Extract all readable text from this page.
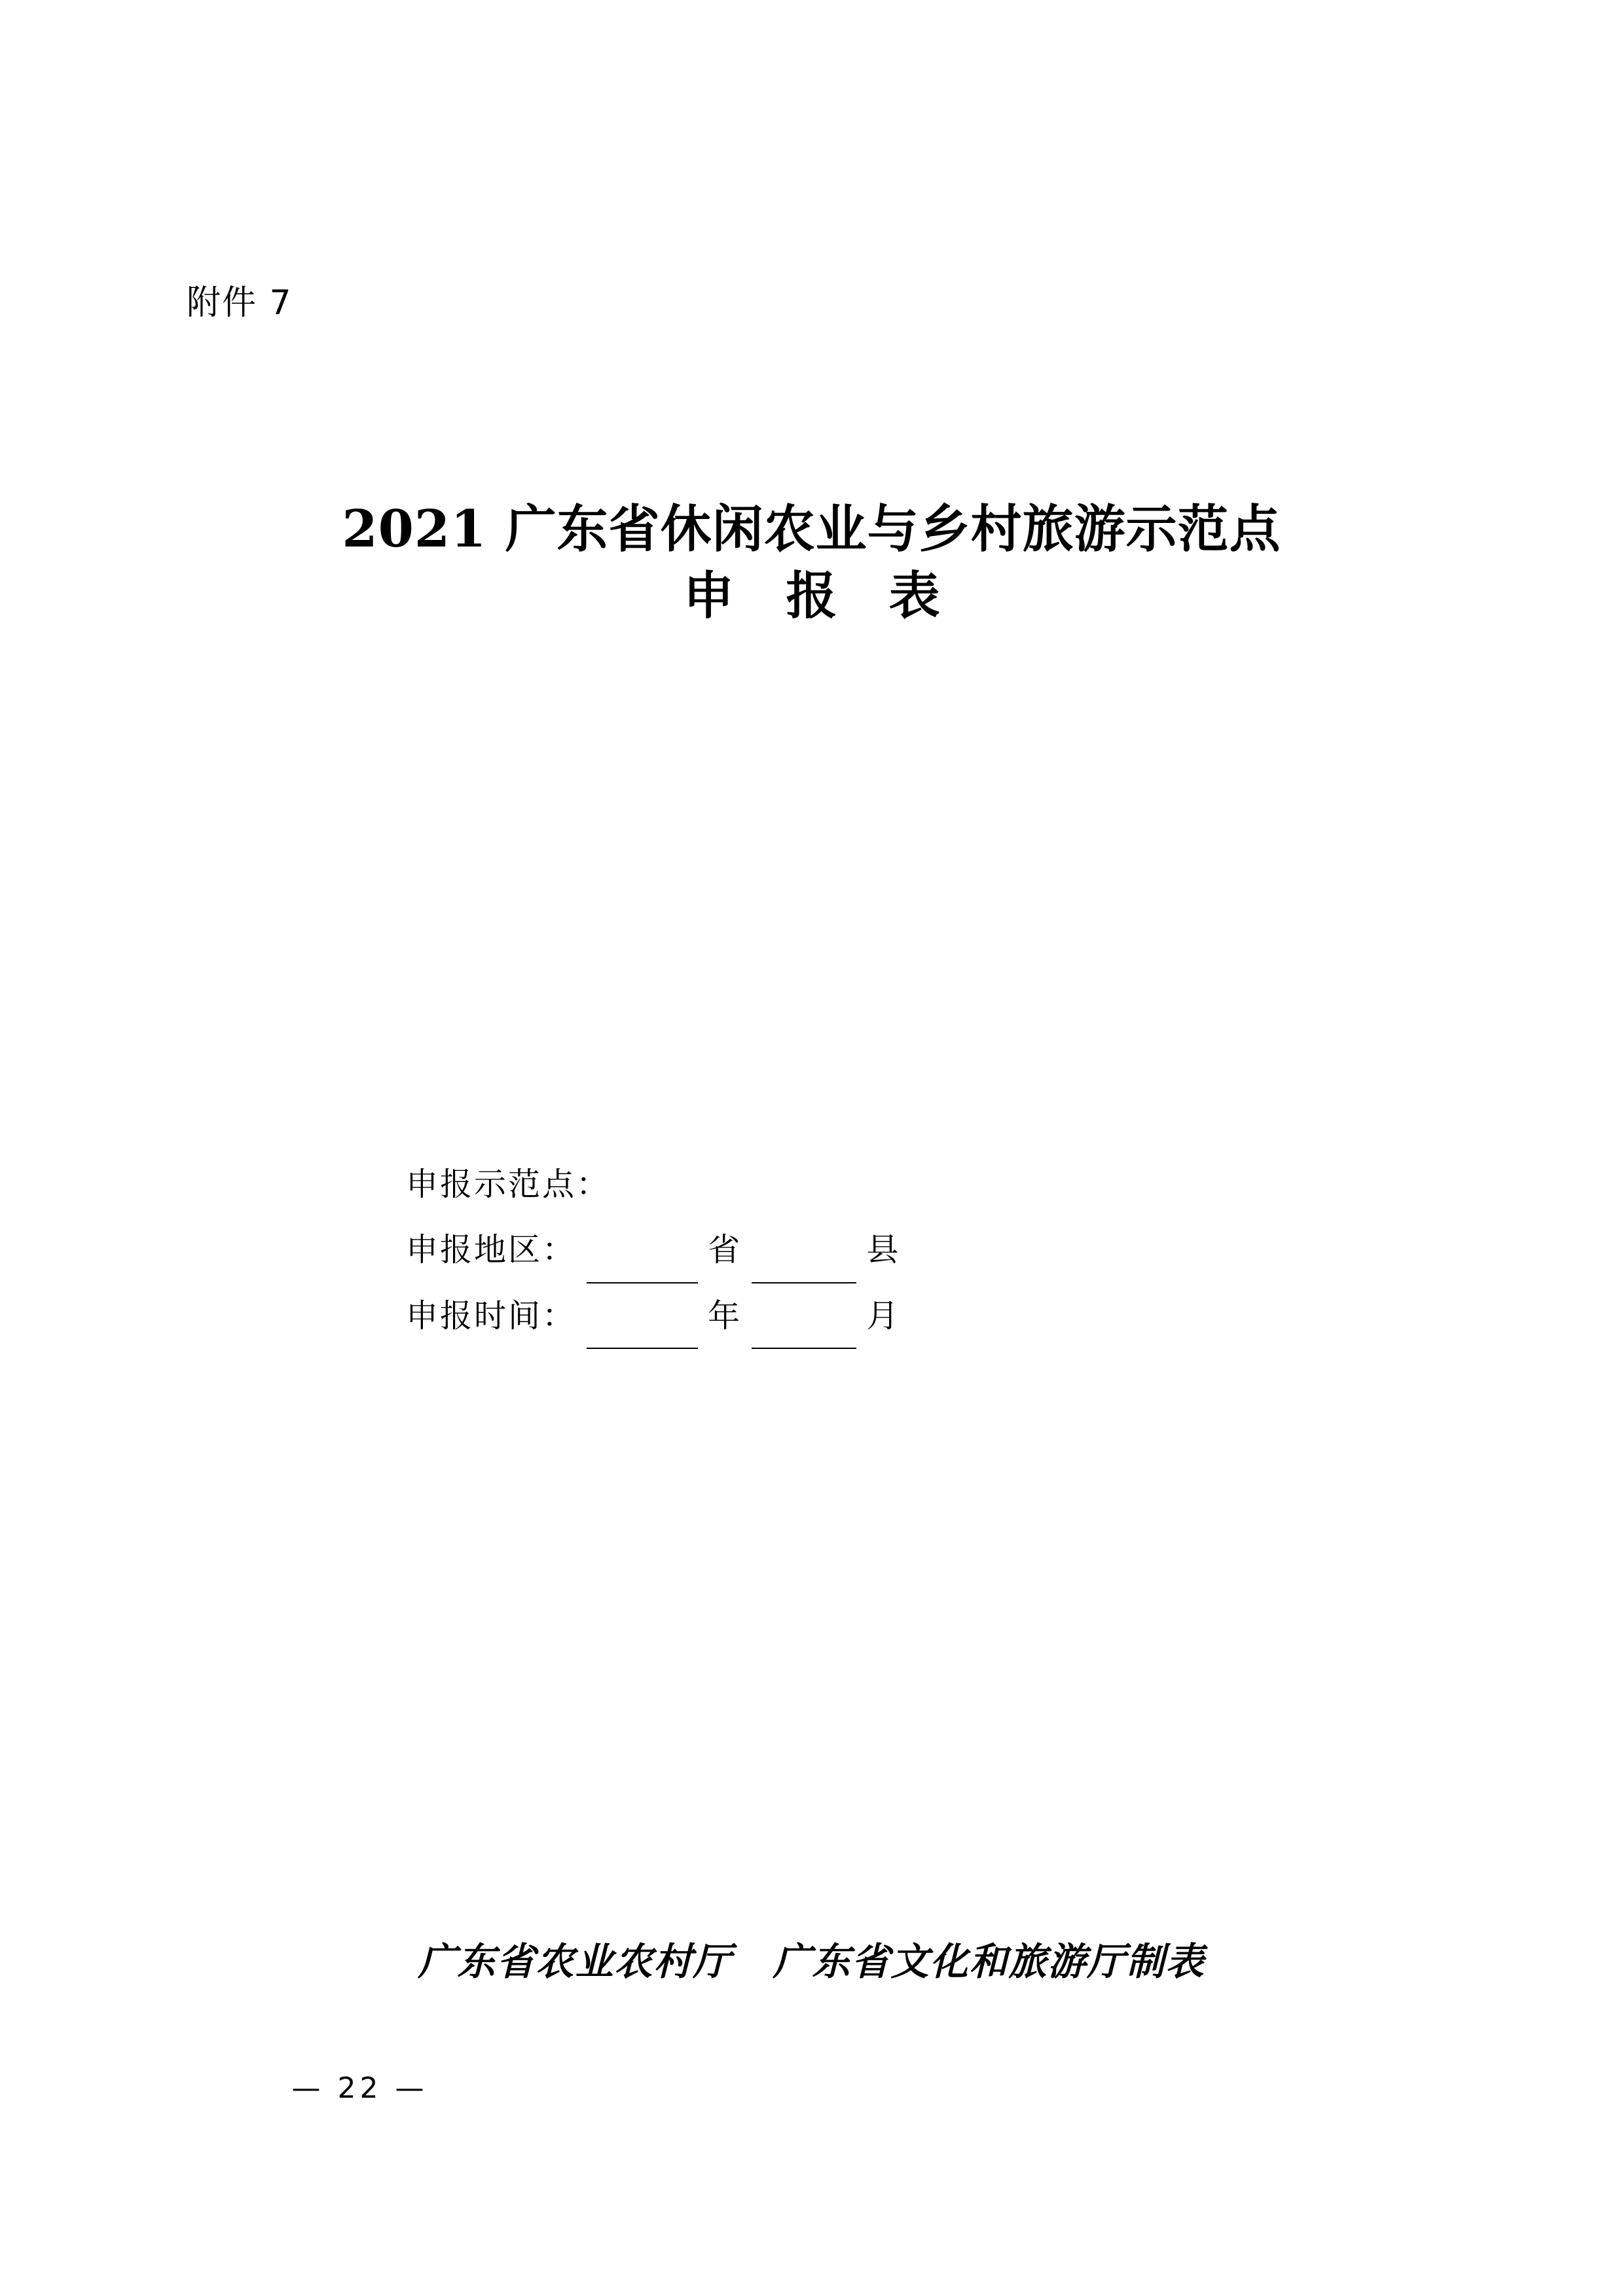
附件 7
2021 广东省休闲农业与乡村旅游示范点
申 报 表
申报示范点：
申报地区：	省	县
申报时间：	年	月
广东省农业农村厅 广东省文化和旅游厅制表
— 22 —
